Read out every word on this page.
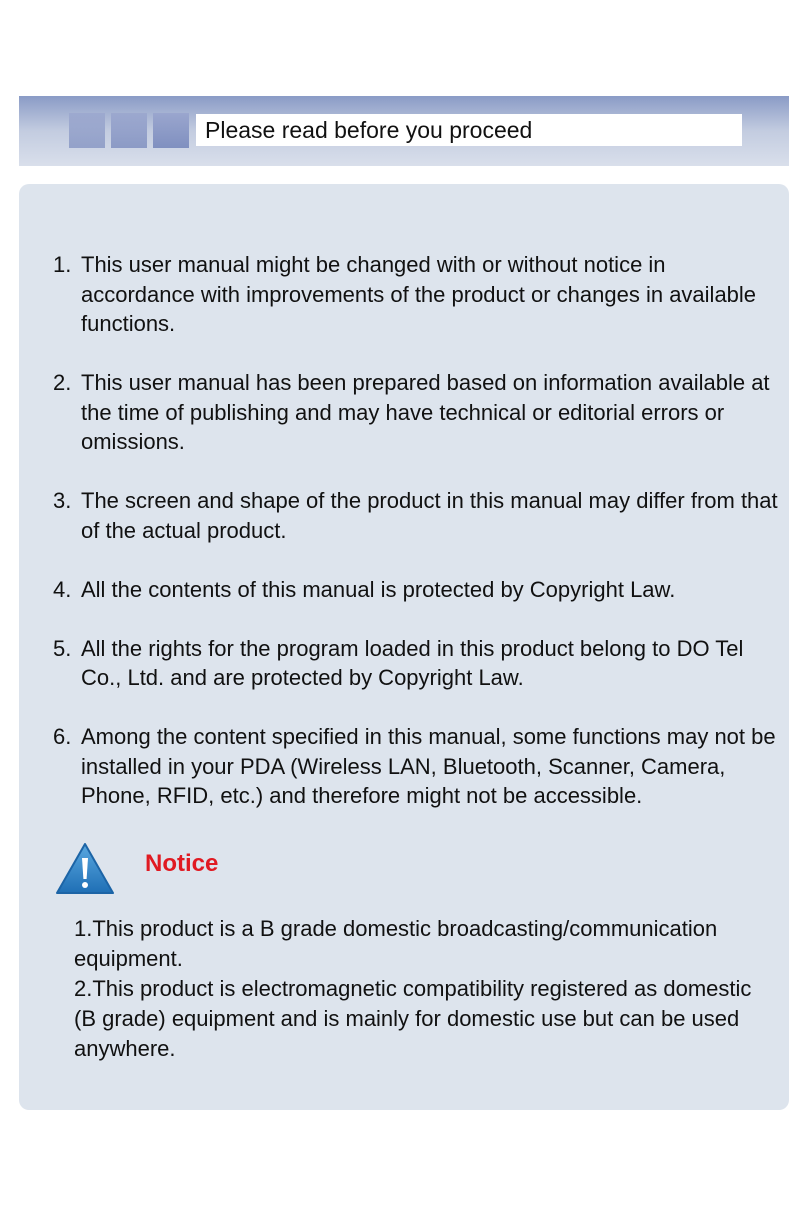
Please read before you proceed
1. This user manual might be changed with or without notice in accordance with improvements of the product or changes in available functions.
2. This user manual has been prepared based on information available at the time of publishing and may have technical or editorial errors or omissions.
3. The screen and shape of the product in this manual may differ from that of the actual product.
4. All the contents of this manual is protected by Copyright Law.
5. All the rights for the program loaded in this product belong to DO Tel Co., Ltd. and are protected by Copyright Law.
6. Among the content specified in this manual, some functions may not be installed in your PDA (Wireless LAN, Bluetooth, Scanner, Camera, Phone, RFID, etc.) and therefore might not be accessible.
Notice
1.This product is a B grade domestic broadcasting/communication equipment.
2.This product is electromagnetic compatibility registered as domestic (B grade) equipment and is mainly for domestic use but can be used anywhere.
